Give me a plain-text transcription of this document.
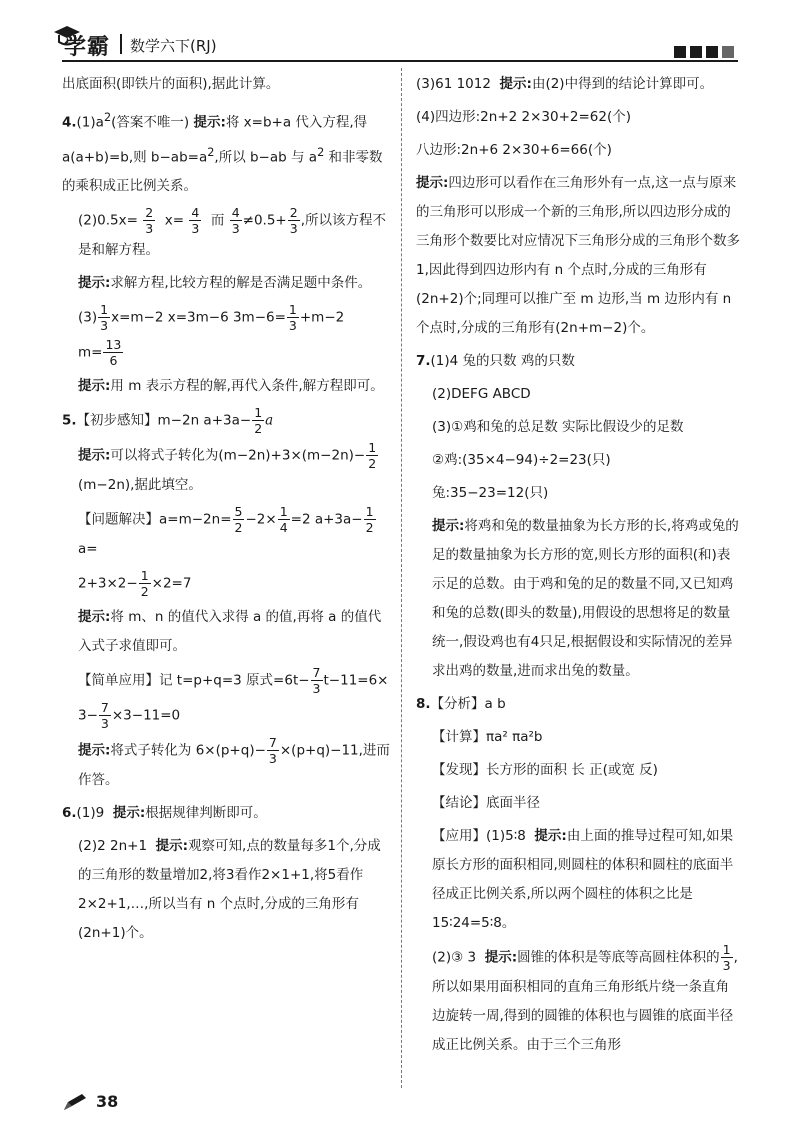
学霸 数学六下(RJ)

出底面积(即铁片的面积),据此计算。

$4.(1)a^2$(答案不唯一) 提示:将 x=b+a 代入方程,得 a(a+b)=b,则 $b-ab=a^2$,所以 b−ab 与 $a^2$ 和非零数的乘积成正比例关系。

$(2)0.5x= \frac{2}{3} x= \frac{4}{3}$ 而 $\frac{4}{3} \ne 0.5+ \frac{2}{3}$ ,所以该方程不是和解方程。

提示:求解方程,比较方程的解是否满足题中条件。

$(3) \frac{1}{3} x=m-2$ x=3m−6 $3m-6= \frac{1}{3} +m-2$

$m= \frac{13}{6}$

提示:用 m 表示方程的解,再代入条件,解方程即可。

5.【初步感知】m−2n $a+3a- \frac{1}{2}$ a

提示:可以将式子转化为$(m-2n)+3\times(m-2n)- \frac{1}{2}$
(m−2n),据此填空。

【问题解决】$a=m-2n= \frac{5}{2} -2\times \frac{1}{4} =2$ $a+3a- \frac{1}{2}$
a=

$2+3\times 2- \frac{1}{2} \times 2=7$

提示:将 m、n 的值代入求得 a 的值,再将 a 的值代入式子求值即可。

【简单应用】记 t=p+q=3 原式$=6t- \frac{7}{3} t-11=6\times$

$3- \frac{7}{3} \times 3-11=0$

提示:将式子转化为 $6\times(p+q)- \frac{7}{3} \times(p+q)-11$,进而作答。

6.(1)9 提示:根据规律判断即可。

(2)2 2n+1 提示:观察可知,点的数量每多1个,分成的三角形的数量增加2,将3看作2×1+1,将5看作2×2+1,…,所以当有 n 个点时,分成的三角形有(2n+1)个。

(3)61 1012 提示:由(2)中得到的结论计算即可。

(4)四边形:2n+2 2×30+2=62(个)

八边形:2n+6 2×30+6=66(个)

提示:四边形可以看作在三角形外有一点,这一点与原来的三角形可以形成一个新的三角形,所以四边形分成的三角形个数要比对应情况下三角形分成的三角形个数多1,因此得到四边形内有 n 个点时,分成的三角形有(2n+2)个;同理可以推广至 m 边形,当 m 边形内有 n 个点时,分成的三角形有(2n+m−2)个。

7.(1)4 兔的只数 鸡的只数

(2)DEFG ABCD

(3)①鸡和兔的总足数 实际比假设少的足数

②鸡:(35×4−94)÷2=23(只)

兔:35−23=12(只)

提示:将鸡和兔的数量抽象为长方形的长,将鸡或兔的足的数量抽象为长方形的宽,则长方形的面积(和)表示足的总数。由于鸡和兔的足的数量不同,又已知鸡和兔的总数(即头的数量),用假设的思想将足的数量统一,假设鸡也有4只足,根据假设和实际情况的差异求出鸡的数量,进而求出兔的数量。

8.【分析】a b

【计算】πa² πa²b

【发现】长方形的面积 长 正(或宽 反)

【结论】底面半径

【应用】(1)5∶8 提示:由上面的推导过程可知,如果原长方形的面积相同,则圆柱的体积和圆柱的底面半径成正比例关系,所以两个圆柱的体积之比是 15∶24=5∶8。

(2)③ 3 提示:圆锥的体积是等底等高圆柱体积的 $\frac{1}{3}$ ,所以如果用面积相同的直角三角形纸片绕一条直角边旋转一周,得到的圆锥的体积也与圆锥的底面半径成正比例关系。由于三个三角形

38
